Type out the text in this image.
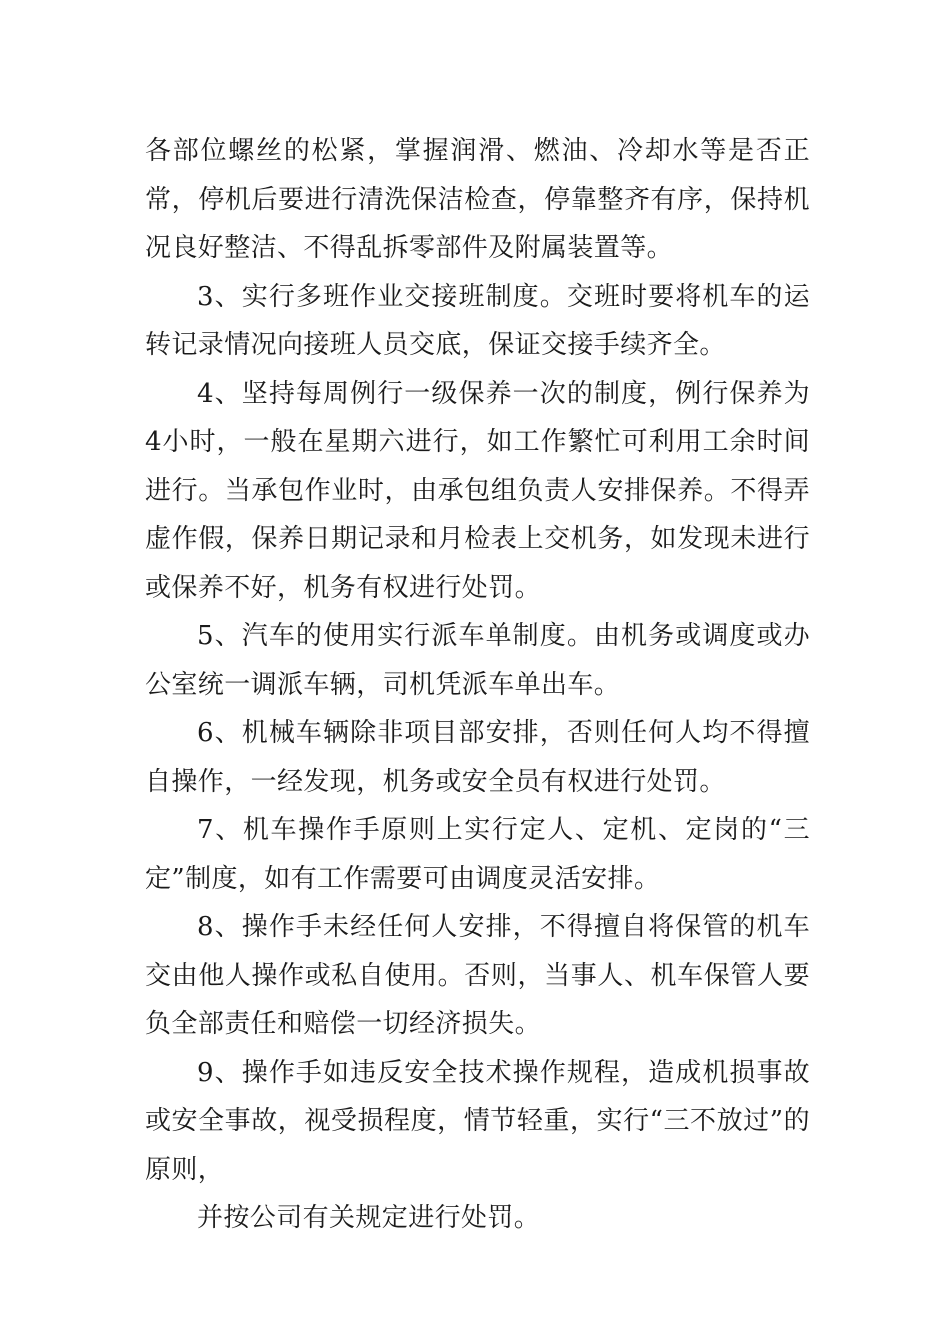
各部位螺丝的松紧，掌握润滑、燃油、冷却水等是否正常，停机后要进行清洗保洁检查，停靠整齐有序，保持机况良好整洁、不得乱拆零部件及附属装置等。

3、实行多班作业交接班制度。交班时要将机车的运转记录情况向接班人员交底，保证交接手续齐全。

4、坚持每周例行一级保养一次的制度，例行保养为4小时，一般在星期六进行，如工作繁忙可利用工余时间进行。当承包作业时，由承包组负责人安排保养。不得弄虚作假，保养日期记录和月检表上交机务，如发现未进行或保养不好，机务有权进行处罚。

5、汽车的使用实行派车单制度。由机务或调度或办公室统一调派车辆，司机凭派车单出车。

6、机械车辆除非项目部安排，否则任何人均不得擅自操作，一经发现，机务或安全员有权进行处罚。

7、机车操作手原则上实行定人、定机、定岗的“三定”制度，如有工作需要可由调度灵活安排。

8、操作手未经任何人安排，不得擅自将保管的机车交由他人操作或私自使用。否则，当事人、机车保管人要负全部责任和赔偿一切经济损失。

9、操作手如违反安全技术操作规程，造成机损事故或安全事故，视受损程度，情节轻重，实行“三不放过”的原则，

并按公司有关规定进行处罚。
